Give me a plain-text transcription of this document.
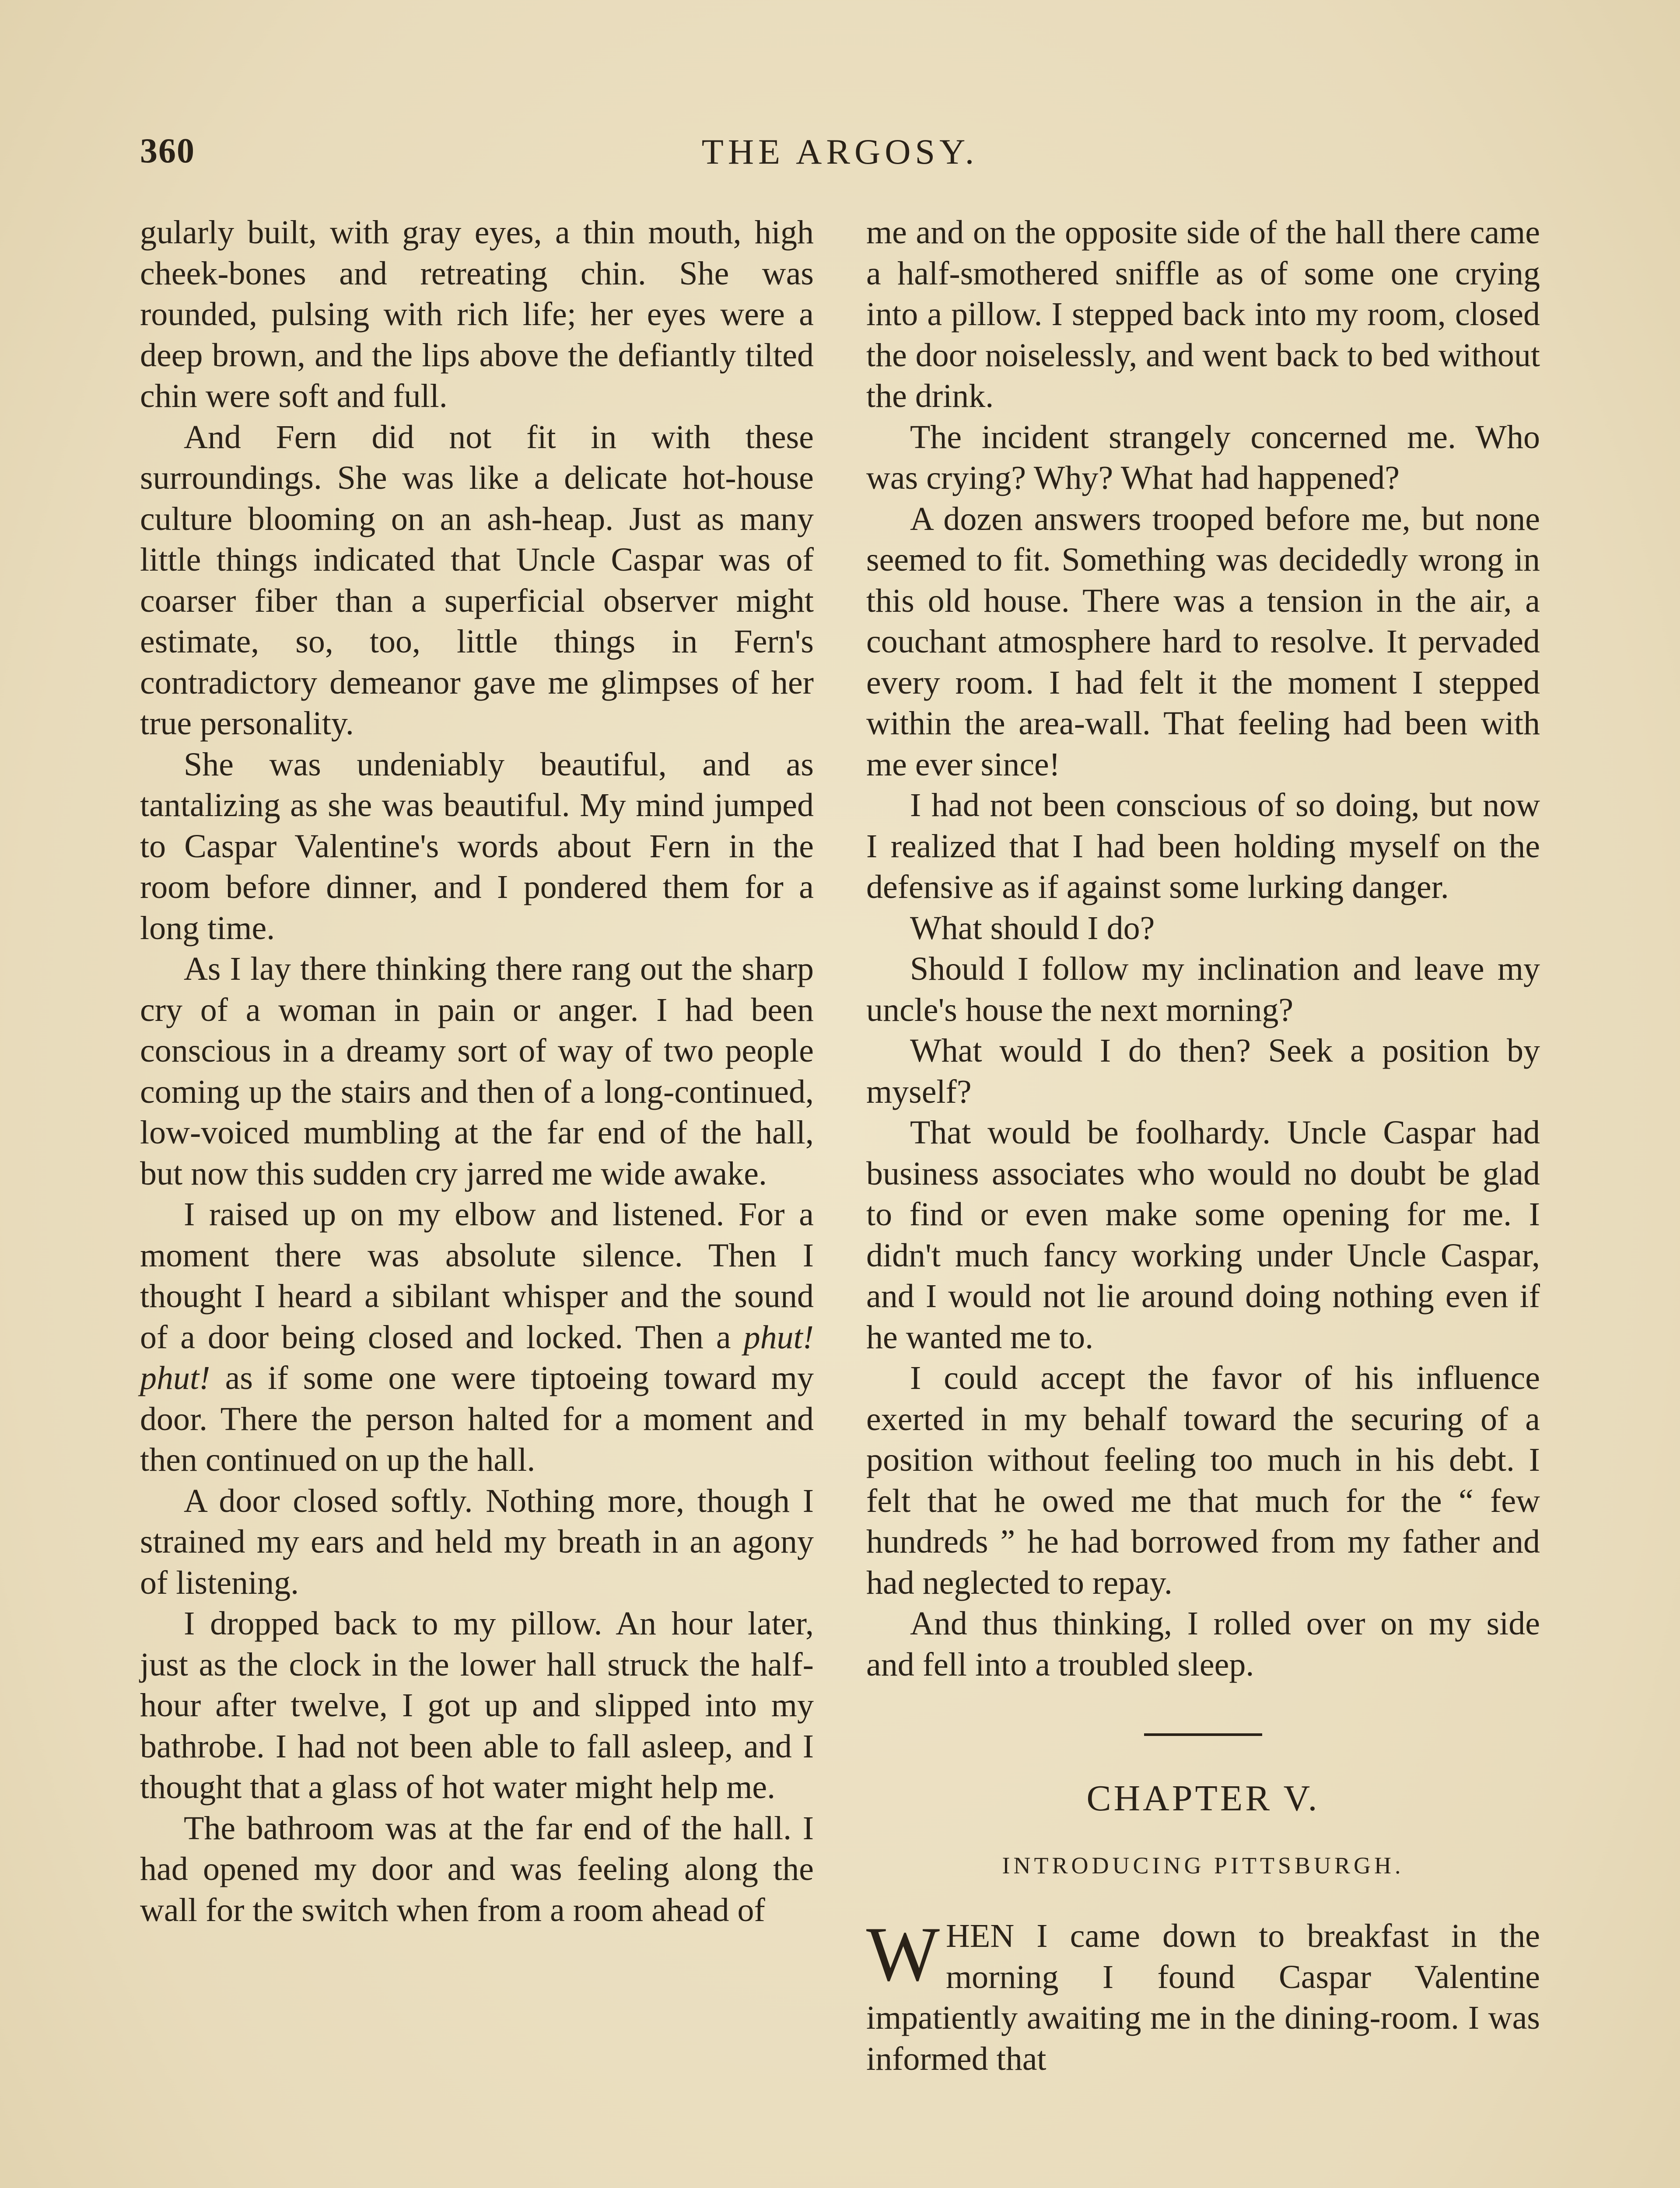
360	THE ARGOSY.

gularly built, with gray eyes, a thin mouth, high cheek-bones and retreating chin. She was rounded, pulsing with rich life; her eyes were a deep brown, and the lips above the defiantly tilted chin were soft and full.

And Fern did not fit in with these surroundings. She was like a delicate hot-house culture blooming on an ash-heap. Just as many little things indicated that Uncle Caspar was of coarser fiber than a superficial observer might estimate, so, too, little things in Fern's contradictory demeanor gave me glimpses of her true personality.

She was undeniably beautiful, and as tantalizing as she was beautiful. My mind jumped to Caspar Valentine's words about Fern in the room before dinner, and I pondered them for a long time.

As I lay there thinking there rang out the sharp cry of a woman in pain or anger. I had been conscious in a dreamy sort of way of two people coming up the stairs and then of a long-continued, low-voiced mumbling at the far end of the hall, but now this sudden cry jarred me wide awake.

I raised up on my elbow and listened. For a moment there was absolute silence. Then I thought I heard a sibilant whisper and the sound of a door being closed and locked. Then a phut! phut! as if some one were tiptoeing toward my door. There the person halted for a moment and then continued on up the hall.

A door closed softly. Nothing more, though I strained my ears and held my breath in an agony of listening.

I dropped back to my pillow. An hour later, just as the clock in the lower hall struck the half-hour after twelve, I got up and slipped into my bathrobe. I had not been able to fall asleep, and I thought that a glass of hot water might help me.

The bathroom was at the far end of the hall. I had opened my door and was feeling along the wall for the switch when from a room ahead of

me and on the opposite side of the hall there came a half-smothered sniffle as of some one crying into a pillow. I stepped back into my room, closed the door noiselessly, and went back to bed without the drink.

The incident strangely concerned me. Who was crying? Why? What had happened?

A dozen answers trooped before me, but none seemed to fit. Something was decidedly wrong in this old house. There was a tension in the air, a couchant atmosphere hard to resolve. It pervaded every room. I had felt it the moment I stepped within the area-wall. That feeling had been with me ever since!

I had not been conscious of so doing, but now I realized that I had been holding myself on the defensive as if against some lurking danger.

What should I do?

Should I follow my inclination and leave my uncle's house the next morning?

What would I do then? Seek a position by myself?

That would be foolhardy. Uncle Caspar had business associates who would no doubt be glad to find or even make some opening for me. I didn't much fancy working under Uncle Caspar, and I would not lie around doing nothing even if he wanted me to.

I could accept the favor of his influence exerted in my behalf toward the securing of a position without feeling too much in his debt. I felt that he owed me that much for the “ few hundreds ” he had borrowed from my father and had neglected to repay.

And thus thinking, I rolled over on my side and fell into a troubled sleep.

CHAPTER V.
INTRODUCING PITTSBURGH.

WHEN I came down to breakfast in the morning I found Caspar Valentine impatiently awaiting me in the dining-room. I was informed that
